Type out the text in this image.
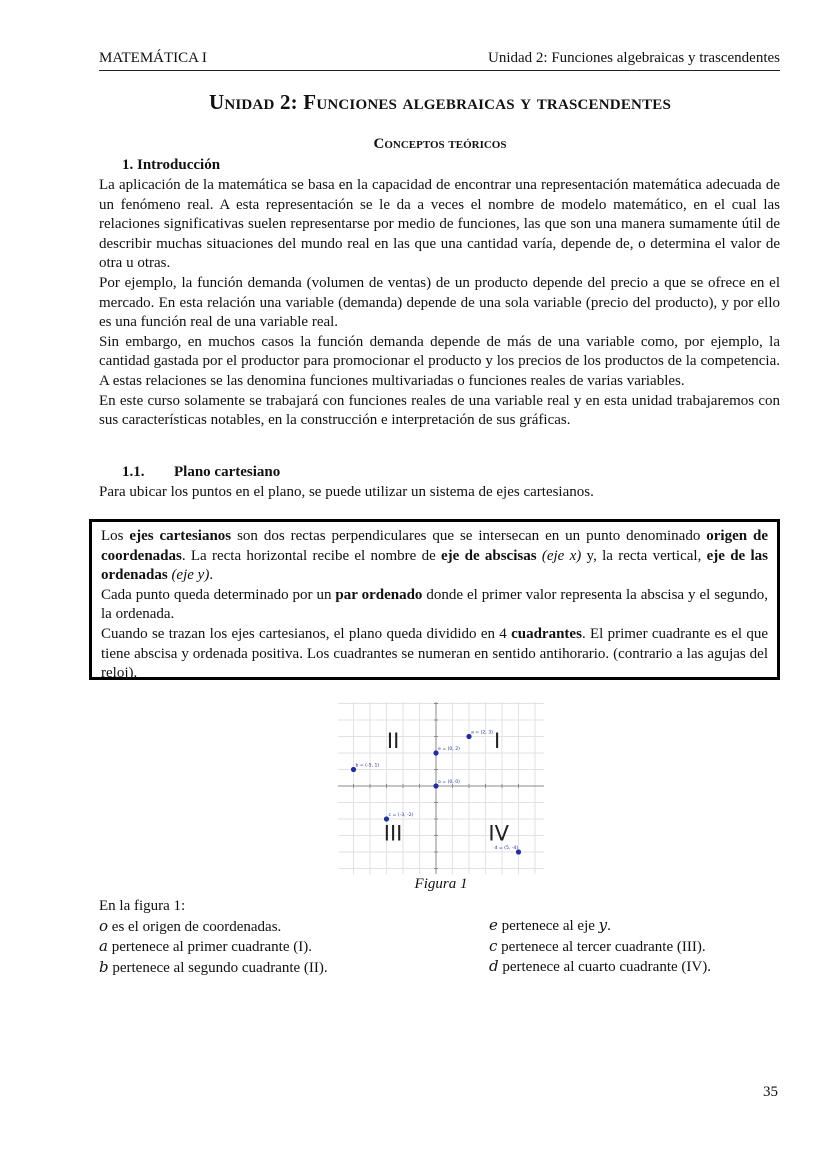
MATEMÁTICA I	Unidad 2: Funciones algebraicas y trascendentes
Unidad 2: Funciones algebraicas y trascendentes
Conceptos teóricos
1. Introducción

La aplicación de la matemática se basa en la capacidad de encontrar una representación matemática adecuada de un fenómeno real. A esta representación se le da a veces el nombre de modelo matemático, en el cual las relaciones significativas suelen representarse por medio de funciones, las que son una manera sumamente útil de describir muchas situaciones del mundo real en las que una cantidad varía, depende de, o determina el valor de otra u otras.

Por ejemplo, la función demanda (volumen de ventas) de un producto depende del precio a que se ofrece en el mercado. En esta relación una variable (demanda) depende de una sola variable (precio del producto), y por ello es una función real de una variable real.

Sin embargo, en muchos casos la función demanda depende de más de una variable como, por ejemplo, la cantidad gastada por el productor para promocionar el producto y los precios de los productos de la competencia. A estas relaciones se las denomina funciones multivariadas o funciones reales de varias variables.

En este curso solamente se trabajará con funciones reales de una variable real y en esta unidad trabajaremos con sus características notables, en la construcción e interpretación de sus gráficas.

1.1. Plano cartesiano

Para ubicar los puntos en el plano, se puede utilizar un sistema de ejes cartesianos.

Los ejes cartesianos son dos rectas perpendiculares que se intersecan en un punto denominado origen de coordenadas. La recta horizontal recibe el nombre de eje de abscisas (eje x) y, la recta vertical, eje de las ordenadas (eje y).

Cada punto queda determinado por un par ordenado donde el primer valor representa la abscisa y el segundo, la ordenada.

Cuando se trazan los ejes cartesianos, el plano queda dividido en 4 cuadrantes. El primer cuadrante es el que tiene abscisa y ordenada positiva. Los cuadrantes se numeran en sentido antihorario. (contrario a las agujas del reloj).

I
II
III	IV
a = (2, 3)
b = (-5, 1)
c = (-3, -2)
d = (5, -4)
e = (0, 2)
o = (0, 0)
Figura 1
En la figura 1:
o es el origen de coordenadas.
a pertenece al primer cuadrante (I).
b pertenece al segundo cuadrante (II).
e pertenece al eje y.
c pertenece al tercer cuadrante (III).
d pertenece al cuarto cuadrante (IV).
35
